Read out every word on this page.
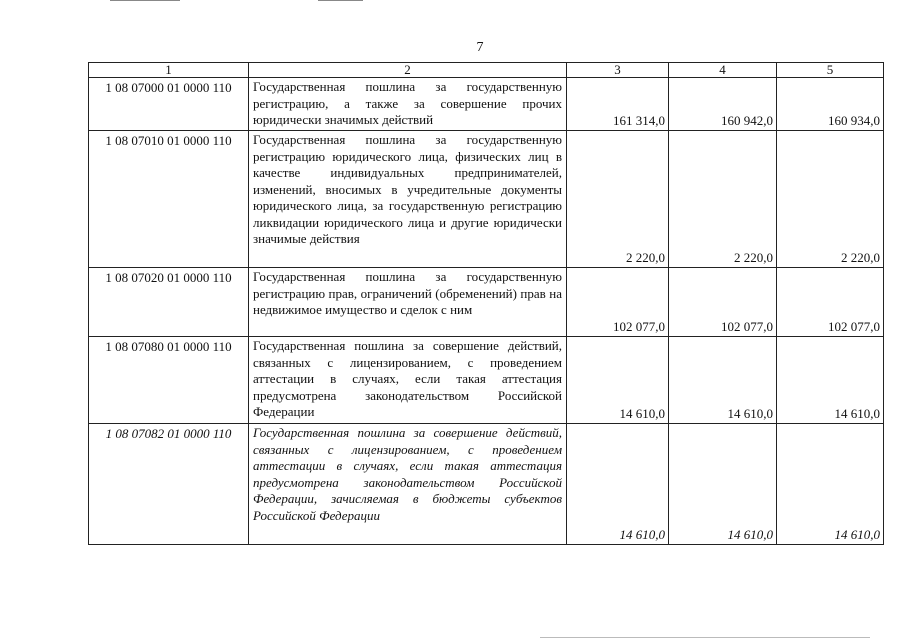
7
1	2	3	4	5
1 08 07000 01 0000 110	Государственная пошлина за государственную регистрацию, а также за совершение прочих юридически значимых действий	161 314,0	160 942,0	160 934,0
1 08 07010 01 0000 110	Государственная пошлина за государственную регистрацию юридического лица, физических лиц в качестве индивидуальных предпринимателей, изменений, вносимых в учредительные документы юридического лица, за государственную регистрацию ликвидации юридического лица и другие юридически значимые действия	2 220,0	2 220,0	2 220,0
1 08 07020 01 0000 110	Государственная пошлина за государственную регистрацию прав, ограничений (обременений) прав на недвижимое имущество и сделок с ним	102 077,0	102 077,0	102 077,0
1 08 07080 01 0000 110	Государственная пошлина за совершение действий, связанных с лицензированием, с проведением аттестации в случаях, если такая аттестация предусмотрена законодательством Российской Федерации	14 610,0	14 610,0	14 610,0
1 08 07082 01 0000 110	Государственная пошлина за совершение действий, связанных с лицензированием, с проведением аттестации в случаях, если такая аттестация предусмотрена законодательством Российской Федерации, зачисляемая в бюджеты субъектов Российской Федерации	14 610,0	14 610,0	14 610,0
